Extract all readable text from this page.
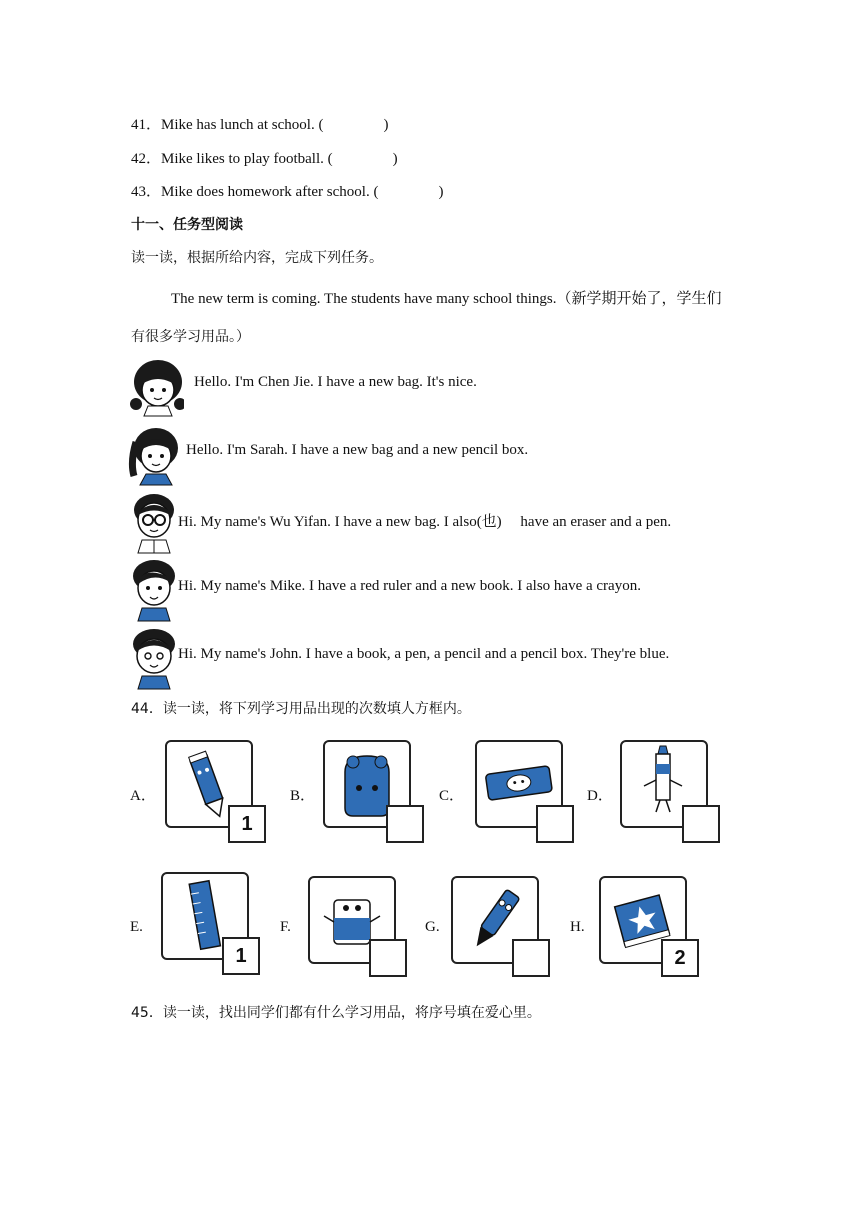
41．Mike has lunch at school. (　　　　)
42．Mike likes to play football. (　　　　)
43．Mike does homework after school. (　　　　)
十一、任务型阅读
读一读，根据所给内容，完成下列任务。
The new term is coming. The students have many school things.（新学期开始了，学生们
有很多学习用品。）
Hello. I'm Chen Jie. I have a new bag. It's nice.
Hello. I'm Sarah. I have a new bag and a new pencil box.
Hi. My name's Wu Yifan. I have a new bag. I also(也)　 have an eraser and a pen.
Hi. My name's Mike. I have a red ruler and a new book. I also have a crayon.
Hi. My name's John. I have a book, a pen, a pencil and a pencil box. They're blue.
44．读一读，将下列学习用品出现的次数填人方框内。
A．
1
B．	C．	D．
E.
1
F.	G.	H.
2
45．读一读，找出同学们都有什么学习用品，将序号填在爱心里。
